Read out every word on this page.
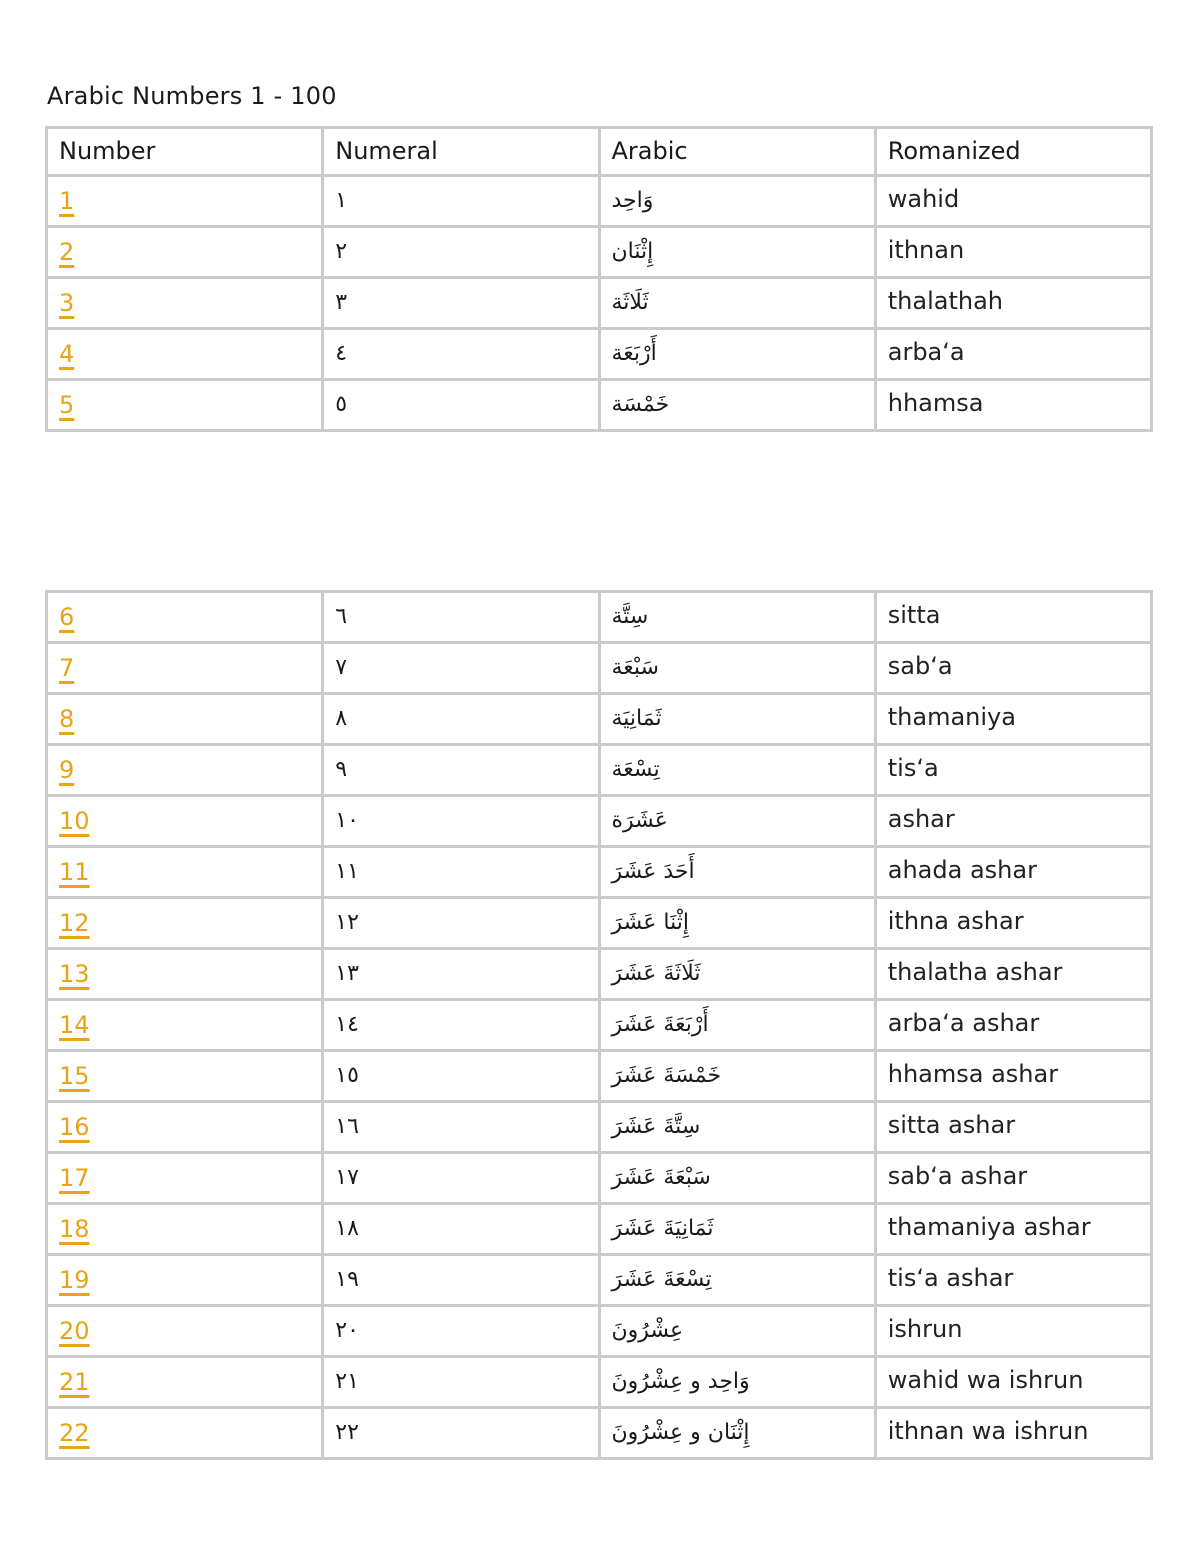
Arabic Numbers 1 - 100
Number	Numeral	Arabic	Romanized
1	١	وَاحِد	wahid
2	٢	إِثْنَان	ithnan
3	٣	ثَلَاثَة	thalathah
4	٤	أَرْبَعَة	arba‘a
5	٥	خَمْسَة	hhamsa
6	٦	سِتَّة	sitta
7	٧	سَبْعَة	sab‘a
8	٨	ثَمَانِيَة	thamaniya
9	٩	تِسْعَة	tis‘a
10	١٠	عَشَرَة	ashar
11	١١	أَحَدَ عَشَرَ	ahada ashar
12	١٢	إِثْنَا عَشَرَ	ithna ashar
13	١٣	ثَلَاثَةَ عَشَرَ	thalatha ashar
14	١٤	أَرْبَعَةَ عَشَرَ	arba‘a ashar
15	١٥	خَمْسَةَ عَشَرَ	hhamsa ashar
16	١٦	سِتَّةَ عَشَرَ	sitta ashar
17	١٧	سَبْعَةَ عَشَرَ	sab‘a ashar
18	١٨	ثَمَانِيَةَ عَشَرَ	thamaniya ashar
19	١٩	تِسْعَةَ عَشَرَ	tis‘a ashar
20	٢٠	عِشْرُونَ	ishrun
21	٢١	وَاحِد و عِشْرُونَ	wahid wa ishrun
22	٢٢	إِثْنَان و عِشْرُونَ	ithnan wa ishrun
